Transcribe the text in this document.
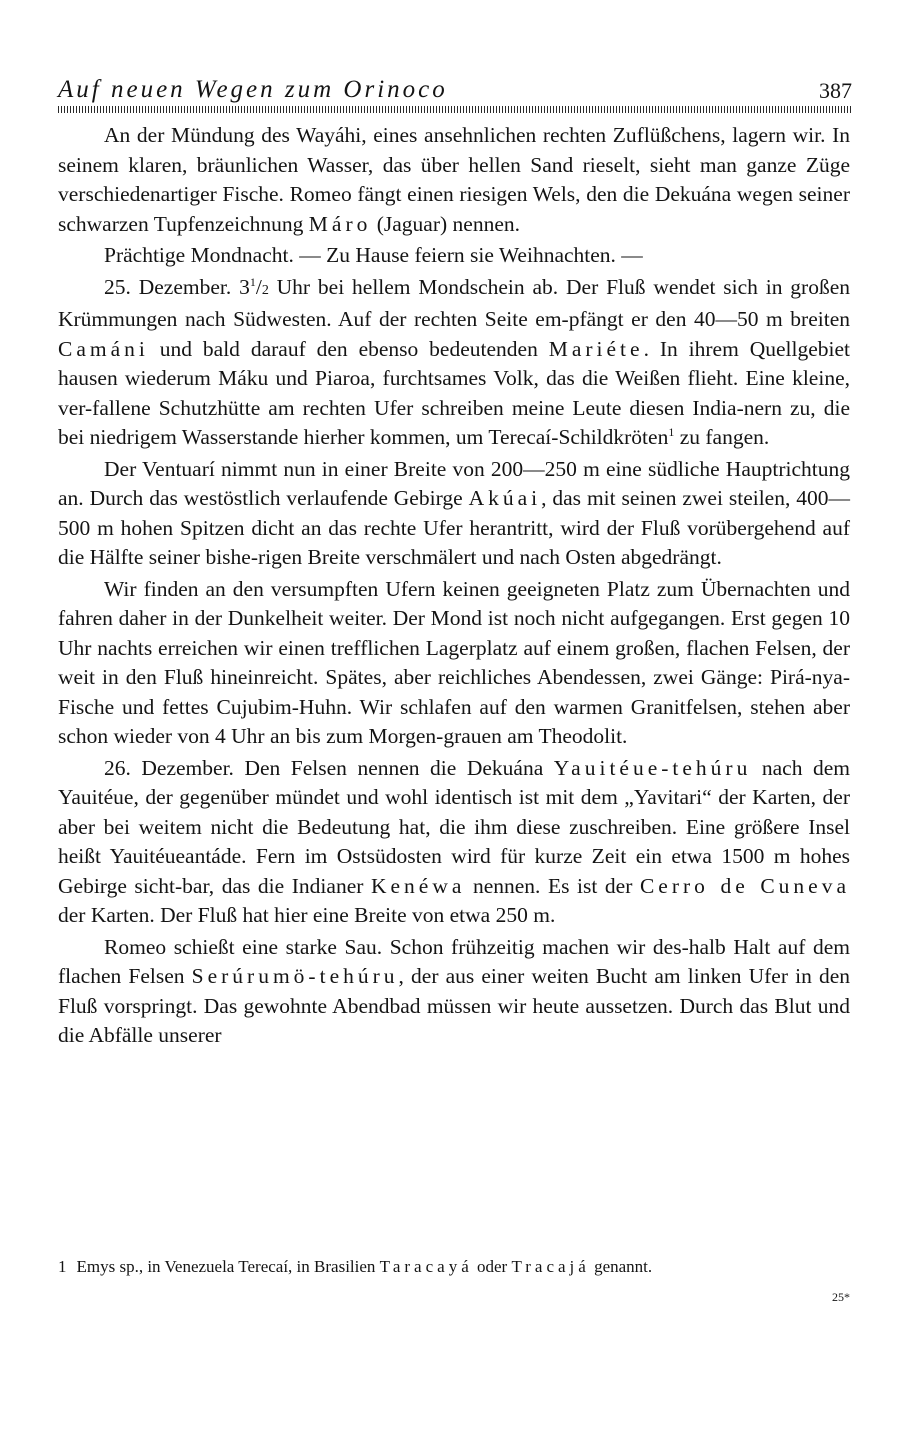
Auf neuen Wegen zum Orinoco	387

An der Mündung des Wayáhi, eines ansehnlichen rechten Zuflüßchens, lagern wir. In seinem klaren, bräunlichen Wasser, das über hellen Sand rieselt, sieht man ganze Züge verschiedenartiger Fische. Romeo fängt einen riesigen Wels, den die Dekuána wegen seiner schwarzen Tupfenzeichnung Máro (Jaguar) nennen.

Prächtige Mondnacht. — Zu Hause feiern sie Weihnachten. —

25. Dezember. $3^1/2$ Uhr bei hellem Mondschein ab. Der Fluß wendet sich in großen Krümmungen nach Südwesten. Auf der rechten Seite em-pfängt er den 40—50 m breiten Camáni und bald darauf den ebenso bedeutenden Mariéte. In ihrem Quellgebiet hausen wiederum Máku und Piaroa, furchtsames Volk, das die Weißen flieht. Eine kleine, ver-fallene Schutzhütte am rechten Ufer schreiben meine Leute diesen India-nern zu, die bei niedrigem Wasserstande hierher kommen, um Terecaí-Schildkröten$^1$ zu fangen.

Der Ventuarí nimmt nun in einer Breite von 200—250 m eine südliche Hauptrichtung an. Durch das westöstlich verlaufende Gebirge Akúai, das mit seinen zwei steilen, 400—500 m hohen Spitzen dicht an das rechte Ufer herantritt, wird der Fluß vorübergehend auf die Hälfte seiner bishe-rigen Breite verschmälert und nach Osten abgedrängt.

Wir finden an den versumpften Ufern keinen geeigneten Platz zum Übernachten und fahren daher in der Dunkelheit weiter. Der Mond ist noch nicht aufgegangen. Erst gegen 10 Uhr nachts erreichen wir einen trefflichen Lagerplatz auf einem großen, flachen Felsen, der weit in den Fluß hineinreicht. Spätes, aber reichliches Abendessen, zwei Gänge: Pirá-nya-Fische und fettes Cujubim-Huhn. Wir schlafen auf den warmen Granitfelsen, stehen aber schon wieder von 4 Uhr an bis zum Morgen-grauen am Theodolit.

26. Dezember. Den Felsen nennen die Dekuána Yauitéue-tehúru nach dem Yauitéue, der gegenüber mündet und wohl identisch ist mit dem „Yavitari“ der Karten, der aber bei weitem nicht die Bedeutung hat, die ihm diese zuschreiben. Eine größere Insel heißt Yauitéueantáde. Fern im Ostsüdosten wird für kurze Zeit ein etwa 1500 m hohes Gebirge sicht-bar, das die Indianer Kenéwa nennen. Es ist der Cerro de Cuneva der Karten. Der Fluß hat hier eine Breite von etwa 250 m.

Romeo schießt eine starke Sau. Schon frühzeitig machen wir des-halb Halt auf dem flachen Felsen Serúrumö-tehúru, der aus einer weiten Bucht am linken Ufer in den Fluß vorspringt. Das gewohnte Abendbad müssen wir heute aussetzen. Durch das Blut und die Abfälle unserer

1 Emys sp., in Venezuela Terecaí, in Brasilien Taracayá oder Tracajá genannt.
25*
